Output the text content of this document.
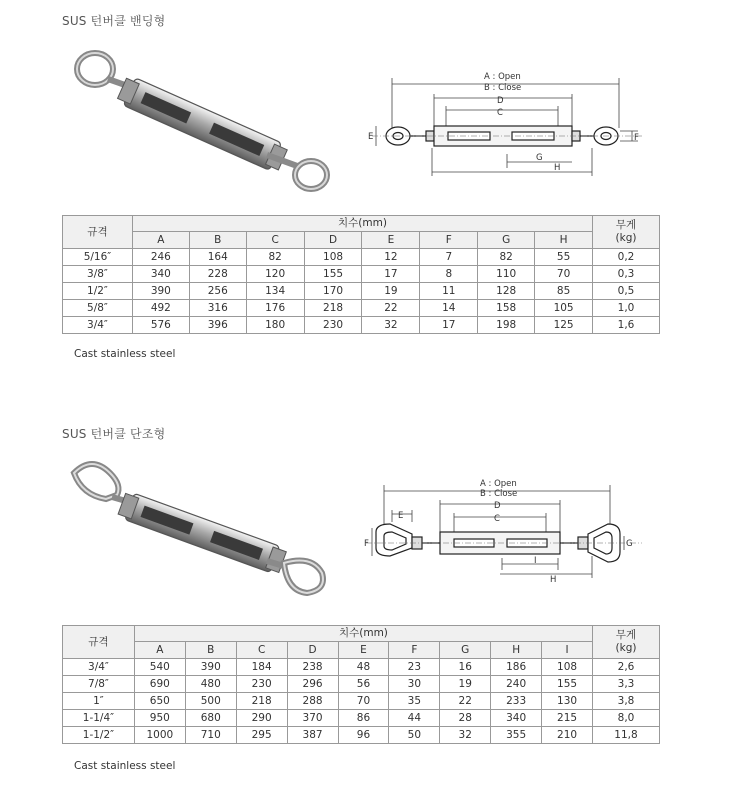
SUS 턴버클 밴딩형
A : Open
B : Close
D
C
E	F
G
H
규격	치수(mm)								무게
(kg)
	A	B	C	D	E	F	G	H	
5/16″	246	164	82	108	12	7	82	55	0,2
3/8″	340	228	120	155	17	8	110	70	0,3
1/2″	390	256	134	170	19	11	128	85	0,5
5/8″	492	316	176	218	22	14	158	105	1,0
3/4″	576	396	180	230	32	17	198	125	1,6
Cast stainless steel
SUS 턴버클 단조형
A : Open
B : Close
D
C
E
F	G
I
H
규격	치수(mm)									무게
(kg)
	A	B	C	D	E	F	G	H	I	
3/4″	540	390	184	238	48	23	16	186	108	2,6
7/8″	690	480	230	296	56	30	19	240	155	3,3
1″	650	500	218	288	70	35	22	233	130	3,8
1-1/4″	950	680	290	370	86	44	28	340	215	8,0
1-1/2″	1000	710	295	387	96	50	32	355	210	11,8
Cast stainless steel
